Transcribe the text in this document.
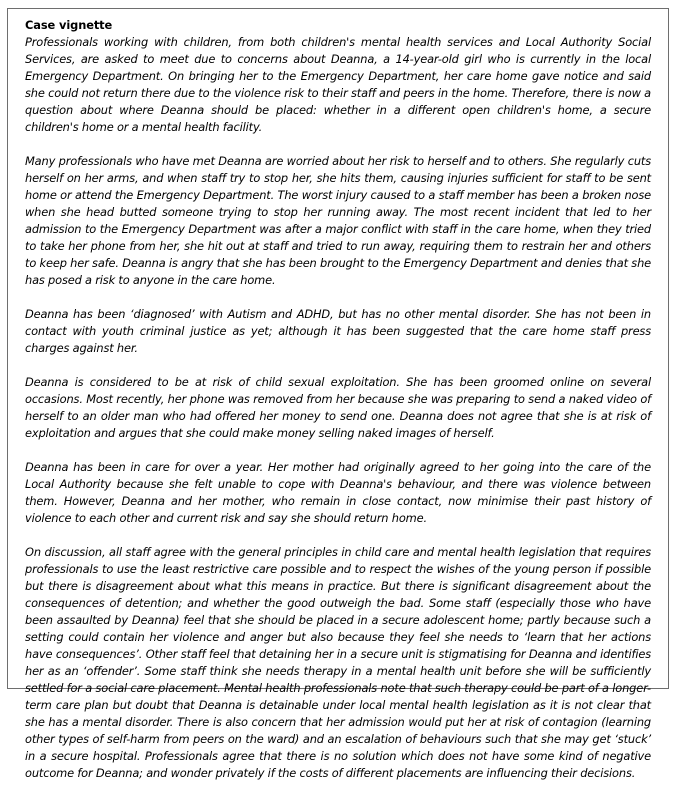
Case vignette

Professionals working with children, from both children's mental health services and Local Authority Social Services, are asked to meet due to concerns about Deanna, a 14-year-old girl who is currently in the local Emergency Department. On bringing her to the Emergency Department, her care home gave notice and said she could not return there due to the violence risk to their staff and peers in the home. Therefore, there is now a question about where Deanna should be placed: whether in a different open children's home, a secure children's home or a mental health facility.

Many professionals who have met Deanna are worried about her risk to herself and to others. She regularly cuts herself on her arms, and when staff try to stop her, she hits them, causing injuries sufficient for staff to be sent home or attend the Emergency Department. The worst injury caused to a staff member has been a broken nose when she head butted someone trying to stop her running away. The most recent incident that led to her admission to the Emergency Department was after a major conflict with staff in the care home, when they tried to take her phone from her, she hit out at staff and tried to run away, requiring them to restrain her and others to keep her safe. Deanna is angry that she has been brought to the Emergency Department and denies that she has posed a risk to anyone in the care home.

Deanna has been ‘diagnosed’ with Autism and ADHD, but has no other mental disorder. She has not been in contact with youth criminal justice as yet; although it has been suggested that the care home staff press charges against her.

Deanna is considered to be at risk of child sexual exploitation. She has been groomed online on several occasions. Most recently, her phone was removed from her because she was preparing to send a naked video of herself to an older man who had offered her money to send one. Deanna does not agree that she is at risk of exploitation and argues that she could make money selling naked images of herself.

Deanna has been in care for over a year. Her mother had originally agreed to her going into the care of the Local Authority because she felt unable to cope with Deanna's behaviour, and there was violence between them. However, Deanna and her mother, who remain in close contact, now minimise their past history of violence to each other and current risk and say she should return home.

On discussion, all staff agree with the general principles in child care and mental health legislation that requires professionals to use the least restrictive care possible and to respect the wishes of the young person if possible but there is disagreement about what this means in practice. But there is significant disagreement about the consequences of detention; and whether the good outweigh the bad. Some staff (especially those who have been assaulted by Deanna) feel that she should be placed in a secure adolescent home; partly because such a setting could contain her violence and anger but also because they feel she needs to ‘learn that her actions have consequences’. Other staff feel that detaining her in a secure unit is stigmatising for Deanna and identifies her as an ‘offender’. Some staff think she needs therapy in a mental health unit before she will be sufficiently settled for a social care placement. Mental health professionals note that such therapy could be part of a longer-term care plan but doubt that Deanna is detainable under local mental health legislation as it is not clear that she has a mental disorder. There is also concern that her admission would put her at risk of contagion (learning other types of self-harm from peers on the ward) and an escalation of behaviours such that she may get ‘stuck’ in a secure hospital. Professionals agree that there is no solution which does not have some kind of negative outcome for Deanna; and wonder privately if the costs of different placements are influencing their decisions.
